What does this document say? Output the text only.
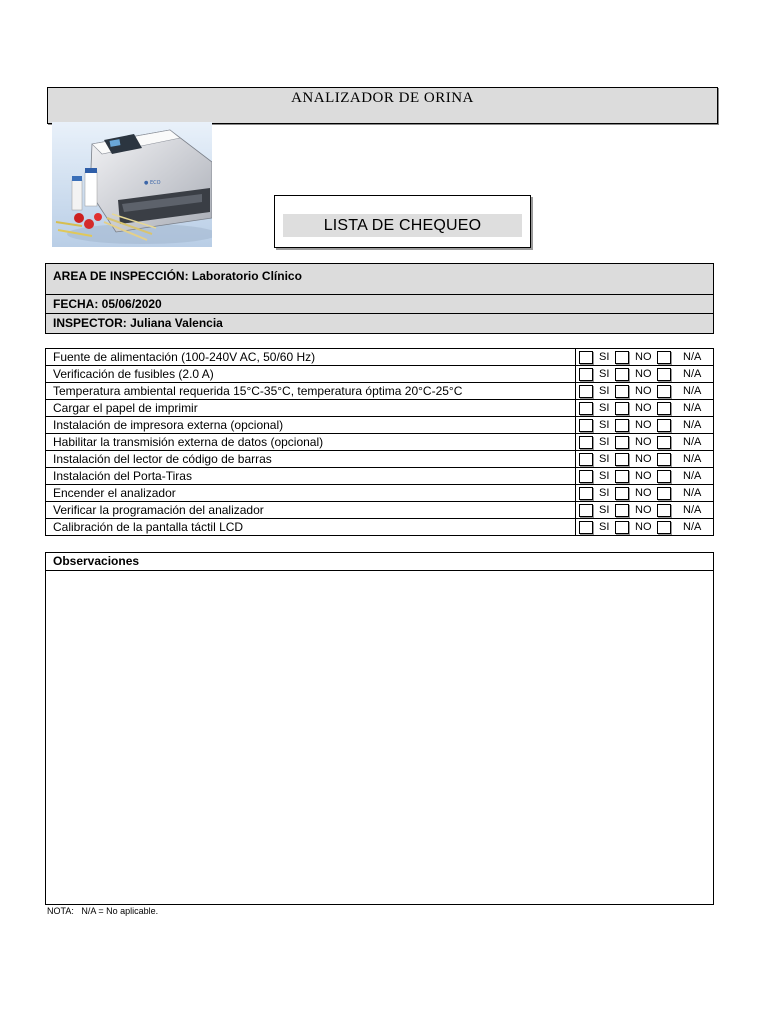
ANALIZADOR DE ORINA
● ECO
LISTA DE CHEQUEO
AREA DE INSPECCIÓN: Laboratorio Clínico
FECHA: 05/06/2020
INSPECTOR: Juliana Valencia
Fuente de alimentación (100-240V AC, 50/60 Hz)	SI	NO	N/A
Verificación de fusibles (2.0 A)	SI	NO	N/A
Temperatura ambiental requerida 15°C-35°C, temperatura óptima 20°C-25°C	SI	NO	N/A
Cargar el papel de imprimir	SI	NO	N/A
Instalación de impresora externa (opcional)	SI	NO	N/A
Habilitar la transmisión externa de datos (opcional)	SI	NO	N/A
Instalación del lector de código de barras	SI	NO	N/A
Instalación del Porta-Tiras	SI	NO	N/A
Encender el analizador	SI	NO	N/A
Verificar la programación del analizador	SI	NO	N/A
Calibración de la pantalla táctil LCD	SI	NO	N/A
Observaciones
NOTA:   N/A = No aplicable.
